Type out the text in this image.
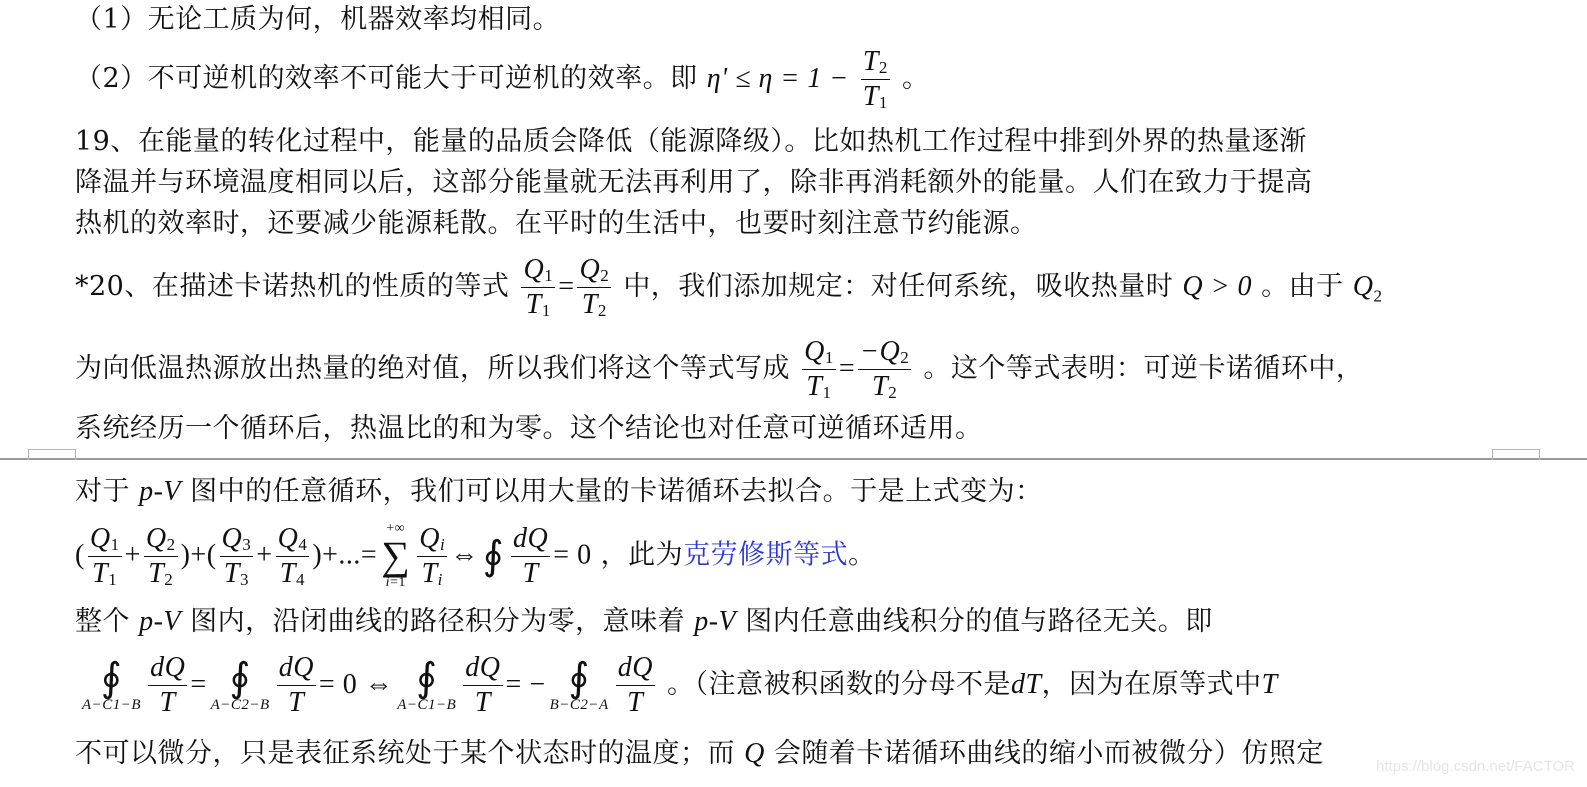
（1）无论工质为何，机器效率均相同。
（2）不可逆机的效率不可能大于可逆机的效率。即 $\eta' \le \eta = 1 - \frac{T_2}{T_1}$ 。
19、在能量的转化过程中，能量的品质会降低（能源降级）。比如热机工作过程中排到外界的热量逐渐
降温并与环境温度相同以后，这部分能量就无法再利用了，除非再消耗额外的能量。人们在致力于提高
热机的效率时，还要减少能源耗散。在平时的生活中，也要时刻注意节约能源。
*20、在描述卡诺热机的性质的等式 $\frac{Q_1}{T_1} = \frac{Q_2}{T_2}$ 中，我们添加规定：对任何系统，吸收热量时 Q > 0 。由于 $Q_2$
为向低温热源放出热量的绝对值，所以我们将这个等式写成 $\frac{Q_1}{T_1} = \frac{-Q_2}{T_2}$ 。这个等式表明：可逆卡诺循环中，
系统经历一个循环后，热温比的和为零。这个结论也对任意可逆循环适用。
对于 p-V 图中的任意循环，我们可以用大量的卡诺循环去拟合。于是上式变为：
( $\frac{Q_1}{T_1} + \frac{Q_2}{T_2}$ )+( $\frac{Q_3}{T_3} + \frac{Q_4}{T_4}$ )+...=
+∞
∑
$i=1 \frac{Q_i}{T_i}$ ⇔ ∮ $\frac{dQ}{T} = 0$ ，此为克劳修斯等式。
整个 p-V 图内，沿闭曲线的路径积分为零，意味着 p-V 图内任意曲线积分的值与路径无关。即
∮
$A-C1-B \frac{dQ}{T}$ = ∮
$A-C2-B \frac{dQ}{T} = 0$ ⇔ ∮
$A-C1-B \frac{dQ}{T}$ = − ∮
$B-C2-A \frac{dQ}{T}$ 。（注意被积函数的分母不是dT，因为在原等式中T
不可以微分，只是表征系统处于某个状态时的温度；而 Q 会随着卡诺循环曲线的缩小而被微分）仿照定	https://blog.csdn.net/FACTOR
